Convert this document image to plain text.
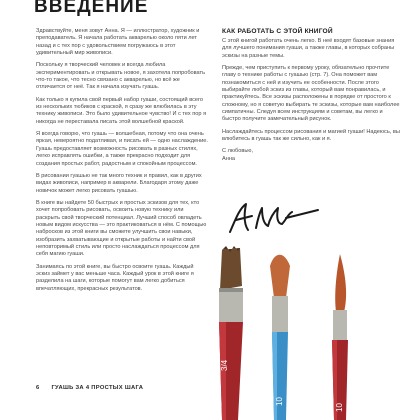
ВВЕДЕНИЕ

Здравствуйте, меня зовут Анна. Я — иллюстратор, художник и преподаватель. Я начала работать акварелью около пяти лет назад и с тех пор с удовольствием погружаюсь в этот удивительный мир живописи.

Поскольку я творческий человек и всегда любила экспериментировать и открывать новое, я захотела попробовать что-то такое, что тесно связано с акварелью, но всё же отличается от неё. Так я начала изучать гуашь.

Как только я купила свой первый набор гуаши, состоящий всего из нескольких тюбиков с краской, я сразу же влюбилась в эту технику живописи. Это было удивительное чувство! И с тех пор я никогда не переставала писать этой волшебной краской.

Я всегда говорю, что гуашь — волшебная, потому что она очень яркая, невероятно податливая, и писать ей — одно наслаждение. Гуашь предоставляет возможность рисовать в разных стилях, легко исправлять ошибки, а также прекрасно подходит для создания простых работ, радостным и спокойным процессом.

В рисовании гуашью не так много техник и правил, как в других видах живописи, например в акварели. Благодаря этому даже новичок может легко рисовать гуашью.

В книге вы найдете 50 быстрых и простых эскизов для тех, кто хочет попробовать рисовать, освоить новую технику или раскрыть свой творческий потенциал. Лучший способ овладеть новым видом искусства — это практиковаться в нём. С помощью набросков из этой книги вы сможете улучшить свои навыки, изобразить захватывающие и открытые работы и найти свой неповторимый стиль или просто наслаждаться процессом для себя магию гуаши.

Занимаясь по этой книге, вы быстро освоите гуашь. Каждый эскиз займет у вас меньше часа. Каждый урок в этой книге я разделила на шаги, которые помогут вам легко добиться впечатляющих, прекрасных результатов.

КАК РАБОТАТЬ С ЭТОЙ КНИГОЙ

С этой книгой работать очень легко. В неё входят базовые знания для лучшего понимания гуаши, а также главы, в которых собраны эскизы на разные темы.

Прежде, чем приступить к первому уроку, обязательно прочтите главу о технике работы с гуашью (стр. 7). Она поможет вам познакомиться с ней и изучить ее особенности. После этого выбирайте любой эскиз из главы, который вам понравилась, и практикуйтесь. Все эскизы расположены в порядке от простого к сложному, но я советую выбирать те эскизы, которые вам наиболее симпатичны. Следуя всем инструкциям и советам, вы легко и быстро получите замечательный рисунок.

Наслаждайтесь процессом рисования и магией гуаши! Надеюсь, вы влюбитесь в гуашь так же сильно, как и я.

С любовью,

Анна

3/4
10
10
6 ГУАШЬ ЗА 4 ПРОСТЫХ ШАГА
